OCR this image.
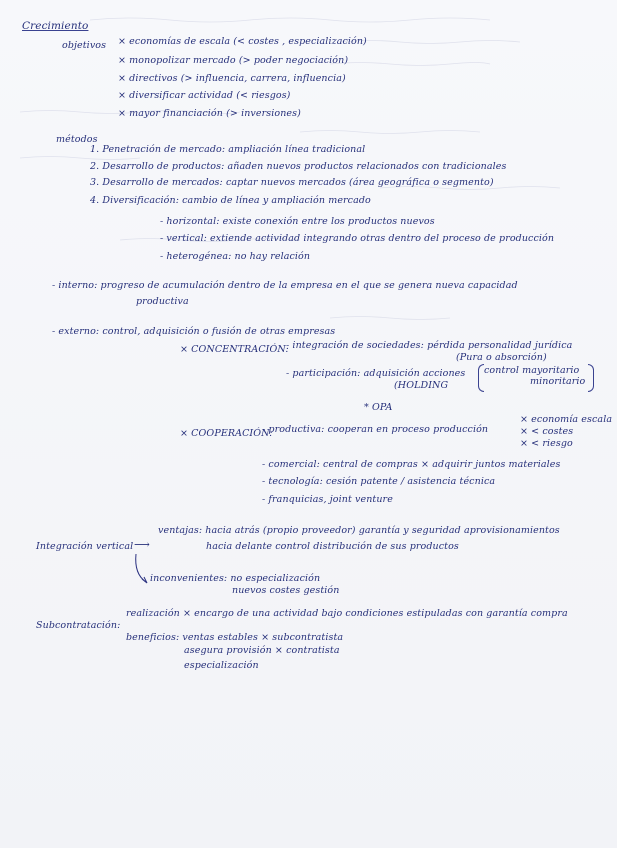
Crecimiento
objetivos × economías de escala (< costes , especialización)
× monopolizar mercado (> poder negociación)
× directivos (> influencia, carrera, influencia)
× diversificar actividad (< riesgos)
× mayor financiación (> inversiones)
métodos
1. Penetración de mercado: ampliación línea tradicional
2. Desarrollo de productos: añaden nuevos productos relacionados con tradicionales
3. Desarrollo de mercados: captar nuevos mercados (área geográfica o segmento)
4. Diversificación: cambio de línea y ampliación mercado
- horizontal: existe conexión entre los productos nuevos
- vertical: extiende actividad integrando otras dentro del proceso de producción
- heterogénea: no hay relación
- interno: progreso de acumulación dentro de la empresa en el que se genera nueva capacidad
productiva
- externo: control, adquisición o fusión de otras empresas
× CONCENTRACIÓN:
- integración de sociedades: pérdida personalidad jurídica
(Pura o absorción)
- participación: adquisición acciones
(HOLDING
control mayoritario
minoritario
* OPA
× COOPERACIÓN:
- productiva: cooperan en proceso producción
× economía escala
× < costes
× < riesgo
- comercial: central de compras × adquirir juntos materiales
- tecnología: cesión patente / asistencia técnica
- franquicias, joint venture
Integración vertical ⟶
ventajas: hacia atrás (propio proveedor) garantía y seguridad aprovisionamientos
hacia delante control distribución de sus productos
inconvenientes: no especialización
nuevos costes gestión
Subcontratación:
realización × encargo de una actividad bajo condiciones estipuladas con garantía compra
beneficios: ventas estables × subcontratista
asegura provisión × contratista
especialización
